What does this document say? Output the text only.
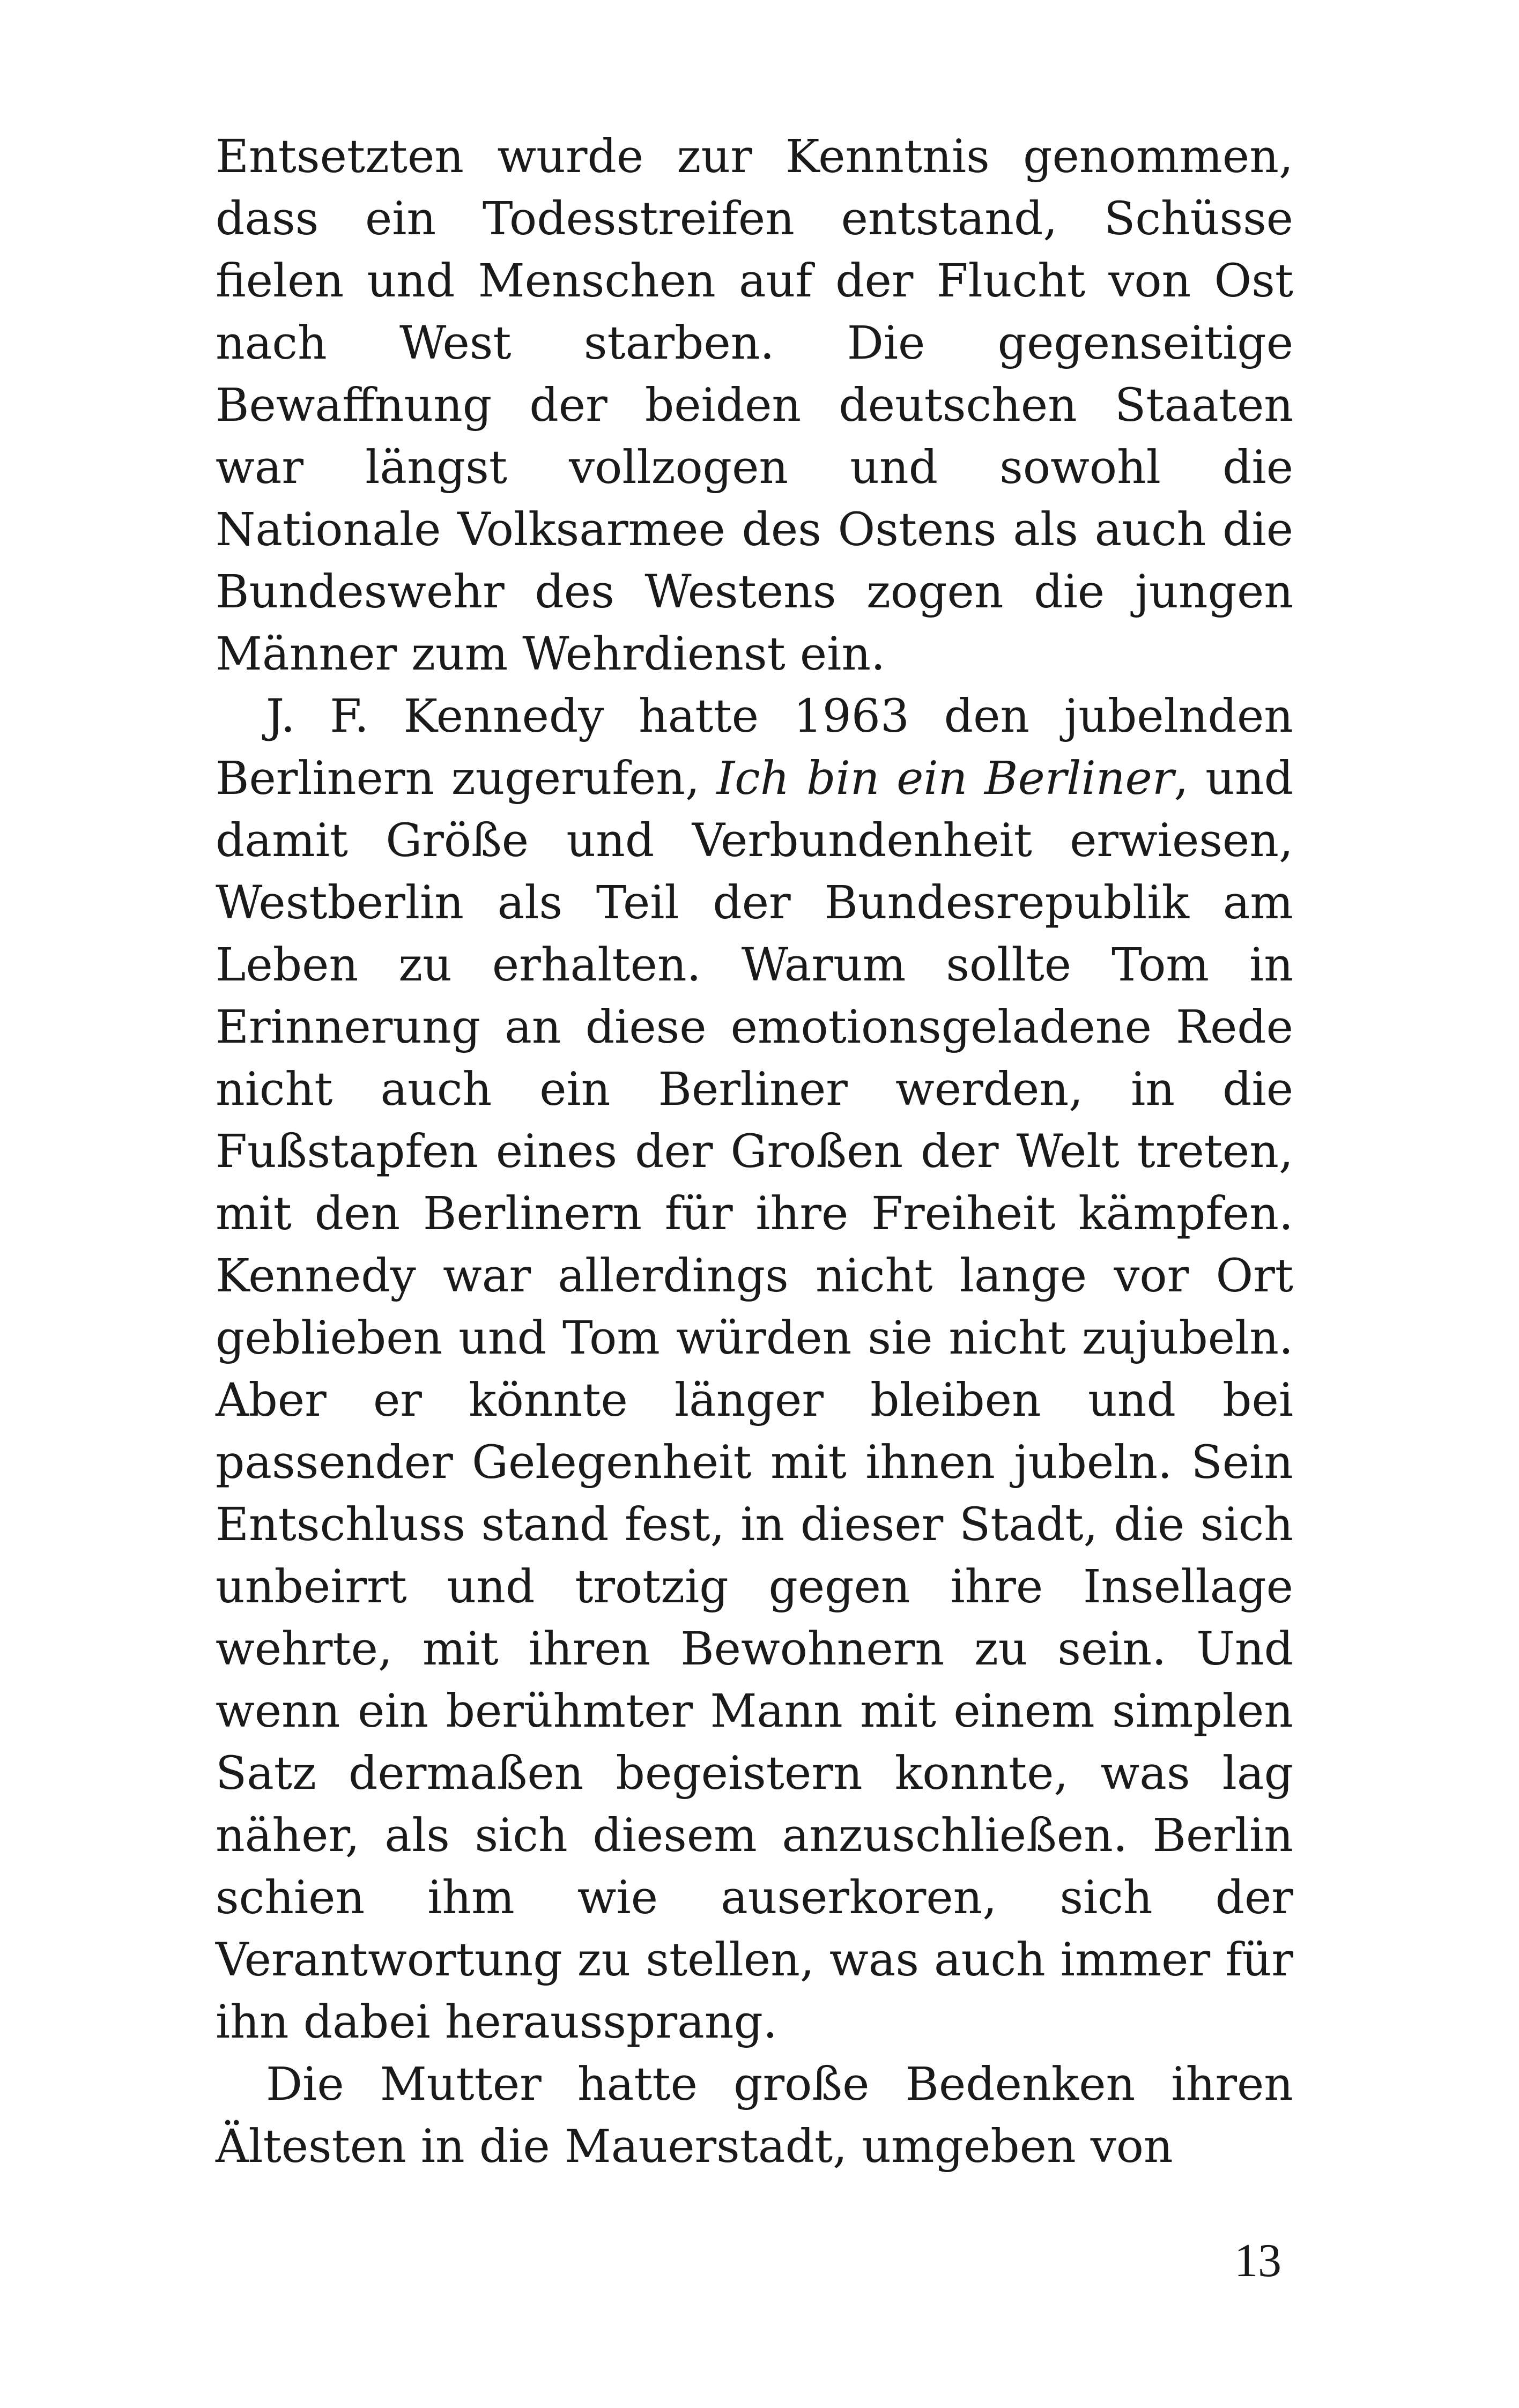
Entsetzten wurde zur Kenntnis genommen, dass ein Todesstreifen entstand, Schüsse fielen und Menschen auf der Flucht von Ost nach West starben. Die gegenseitige Bewaffnung der beiden deutschen Staaten war längst vollzogen und sowohl die Nationale Volksarmee des Ostens als auch die Bundeswehr des Westens zogen die jungen Männer zum Wehrdienst ein.

J. F. Kennedy hatte 1963 den jubelnden Berlinern zugerufen, Ich bin ein Berliner, und damit Größe und Verbundenheit erwiesen, Westberlin als Teil der Bundesrepublik am Leben zu erhalten. Warum sollte Tom in Erinnerung an diese emotionsgeladene Rede nicht auch ein Berliner werden, in die Fußstapfen eines der Großen der Welt treten, mit den Berlinern für ihre Freiheit kämpfen. Kennedy war allerdings nicht lange vor Ort geblieben und Tom würden sie nicht zujubeln. Aber er könnte länger bleiben und bei passender Gelegenheit mit ihnen jubeln. Sein Entschluss stand fest, in dieser Stadt, die sich unbeirrt und trotzig gegen ihre Insellage wehrte, mit ihren Bewohnern zu sein. Und wenn ein berühmter Mann mit einem simplen Satz dermaßen begeistern konnte, was lag näher, als sich diesem anzuschließen. Berlin schien ihm wie auserkoren, sich der Verantwortung zu stellen, was auch immer für ihn dabei heraussprang.

Die Mutter hatte große Bedenken ihren Ältesten in die Mauerstadt, umgeben von

13
